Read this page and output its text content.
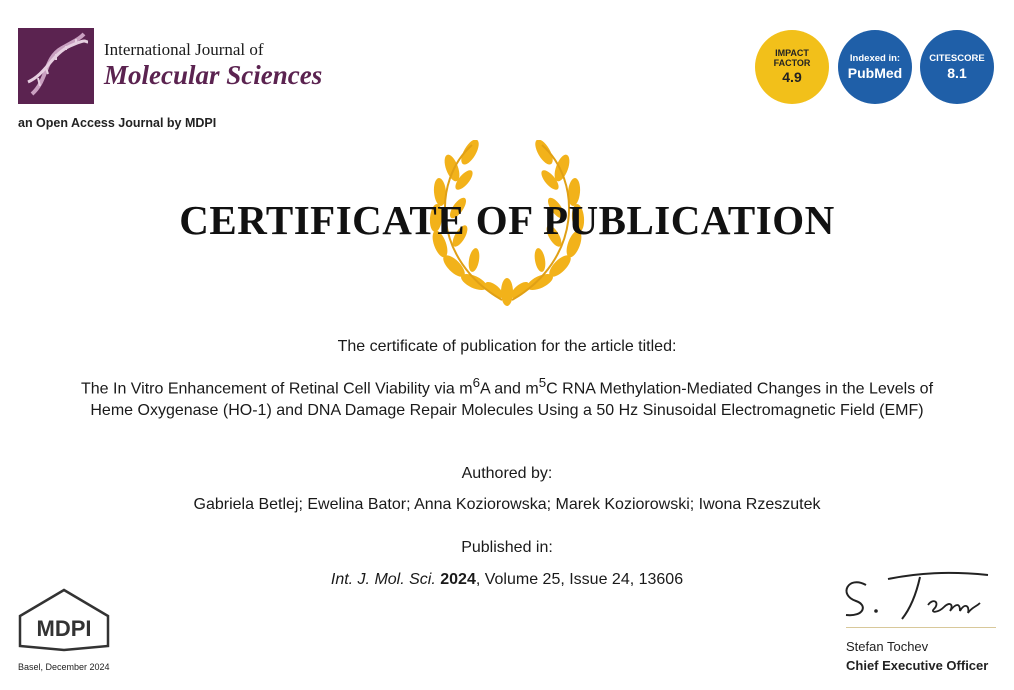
International Journal of
Molecular Sciences
an Open Access Journal by MDPI
IMPACT
FACTOR
4.9
Indexed in:
PubMed
CITESCORE
8.1
CERTIFICATE OF PUBLICATION
The certificate of publication for the article titled:
The In Vitro Enhancement of Retinal Cell Viability via $m^6A$ and $m^5C$ RNA Methylation-Mediated Changes in the Levels of Heme Oxygenase (HO-1) and DNA Damage Repair Molecules Using a 50 Hz Sinusoidal Electromagnetic Field (EMF)
Authored by:
Gabriela Betlej; Ewelina Bator; Anna Koziorowska; Marek Koziorowski; Iwona Rzeszutek
Published in:
Int. J. Mol. Sci. 2024, Volume 25, Issue 24, 13606
MDPI
Basel, December 2024
Stefan Tochev
Chief Executive Officer
